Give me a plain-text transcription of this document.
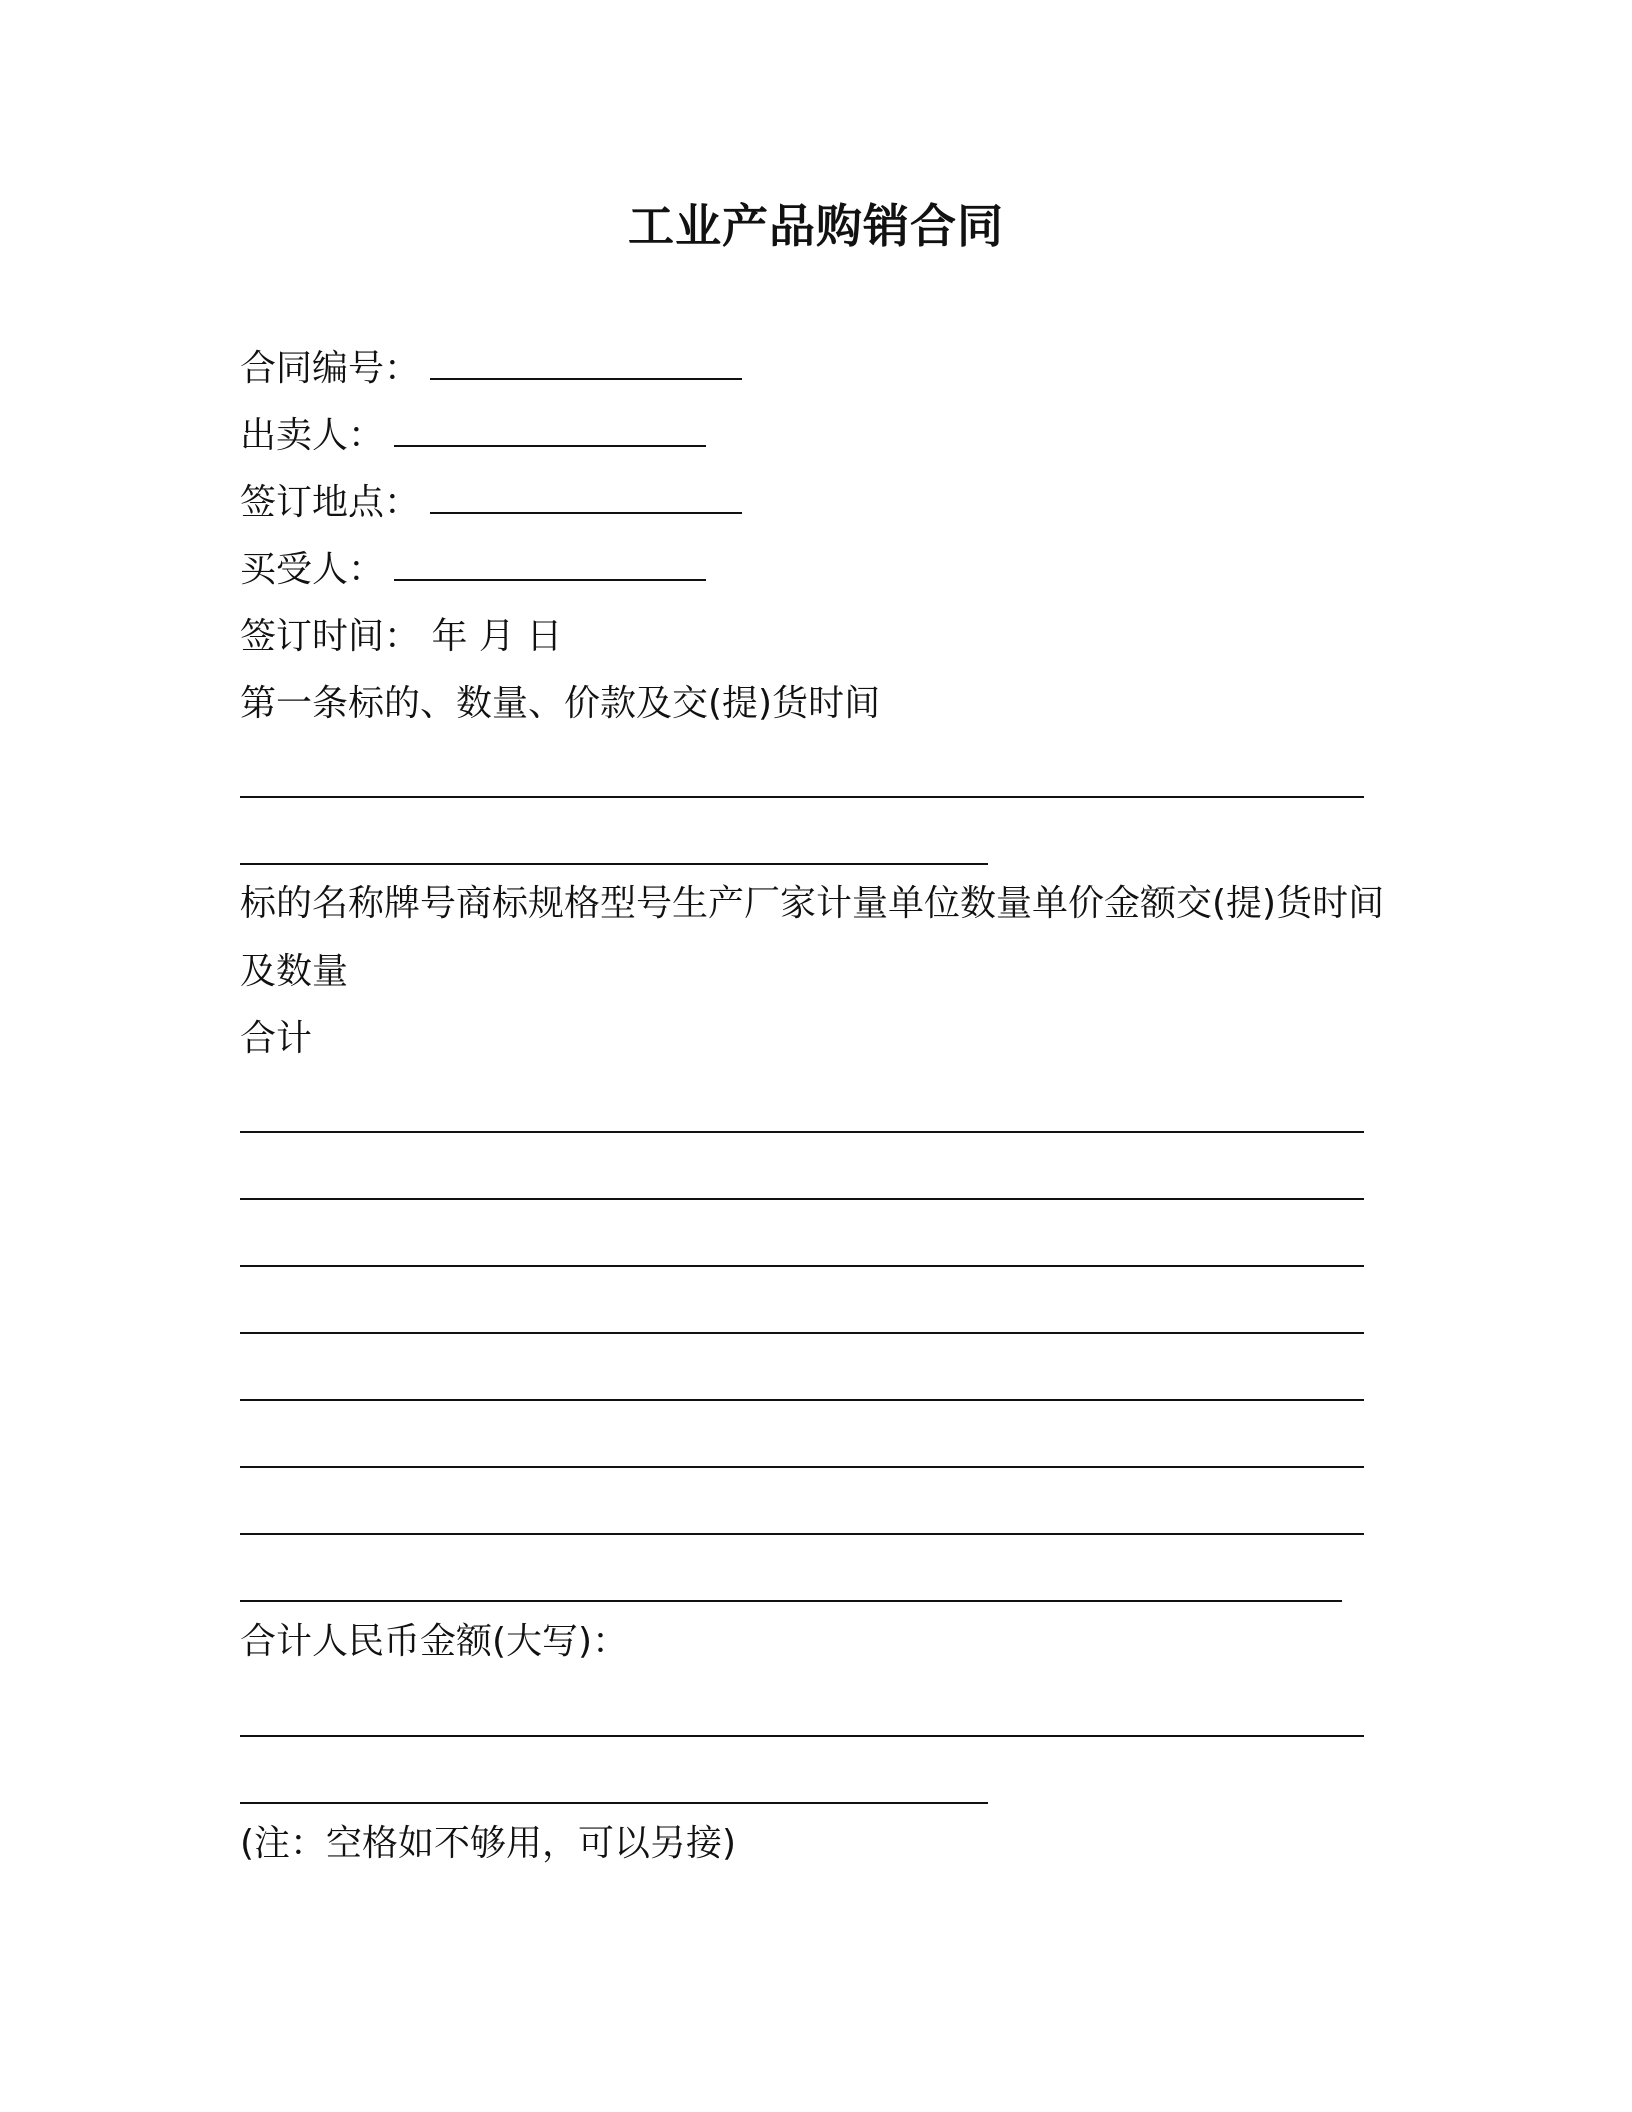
工业产品购销合同
合同编号：
出卖人：
签订地点：
买受人：
签订时间： 年 月 日
第一条标的、数量、价款及交(提)货时间
标的名称牌号商标规格型号生产厂家计量单位数量单价金额交(提)货时间及数量
合计
合计人民币金额(大写)：
(注：空格如不够用，可以另接)
